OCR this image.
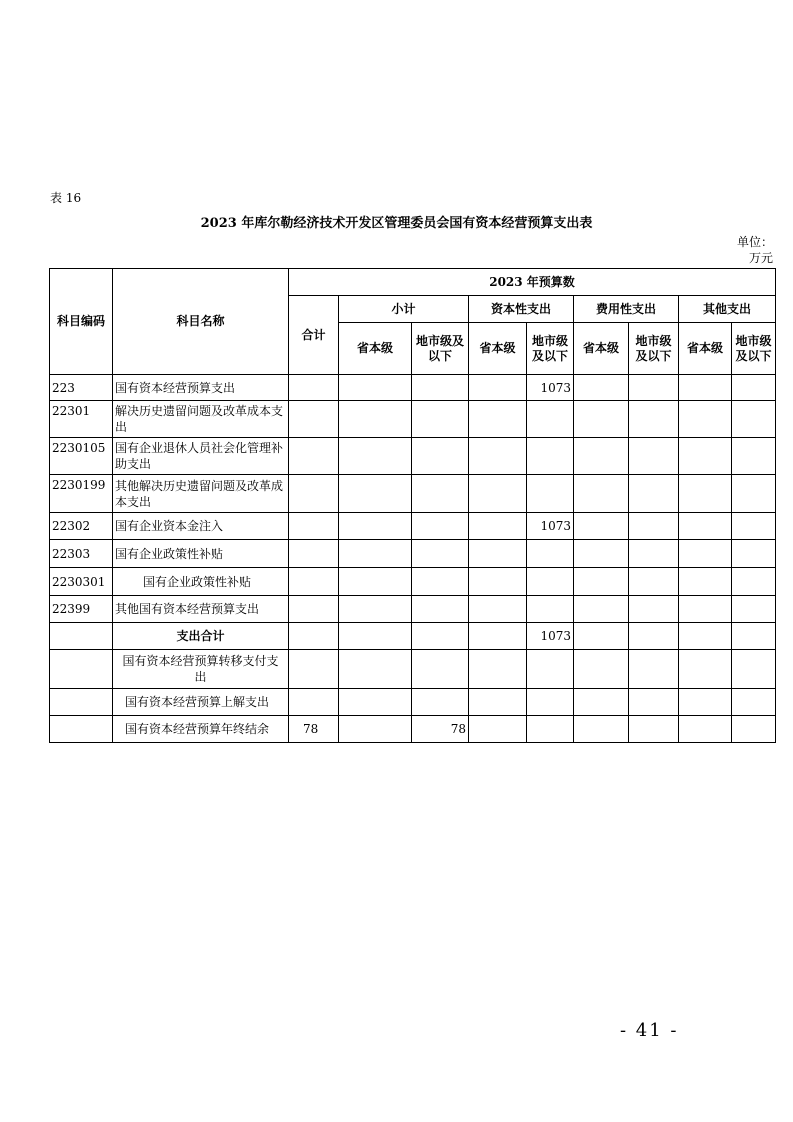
表 16
2023 年库尔勒经济技术开发区管理委员会国有资本经营预算支出表
单位：
万元
科目编码	科目名称	2023 年预算数								
		合计	小计		资本性支出		费用性支出		其他支出	
			省本级	地市级及以下	省本级	地市级及以下	省本级	地市级及以下	省本级	地市级及以下
223	国有资本经营预算支出					1073				
22301	解决历史遗留问题及改革成本支出									
2230105	国有企业退休人员社会化管理补助支出									
2230199	其他解决历史遗留问题及改革成本支出									
22302	国有企业资本金注入					1073				
22303	国有企业政策性补贴									
2230301	国有企业政策性补贴									
22399	其他国有资本经营预算支出									
	支出合计					1073				
	国有资本经营预算转移支付支 出									
	国有资本经营预算上解支出									
	国有资本经营预算年终结余	78		78						
- 41 -
